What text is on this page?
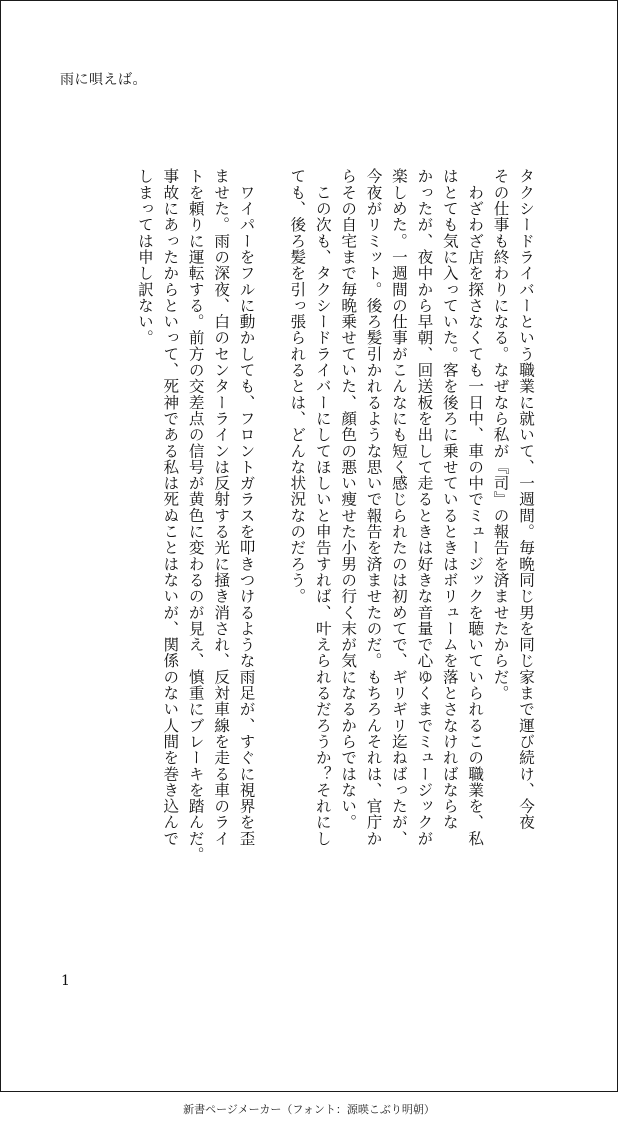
雨に唄えば。

タクシードライバーという職業に就いて、一週間。毎晩同じ男を同じ家まで運び続け、今夜

その仕事も終わりになる。なぜなら私が『司』の報告を済ませたからだ。

　わざわざ店を探さなくても一日中、車の中でミュージックを聴いていられるこの職業を、私

はとても気に入っていた。客を後ろに乗せているときはボリュームを落とさなければならな

かったが、夜中から早朝、回送板を出して走るときは好きな音量で心ゆくまでミュージックが

楽しめた。一週間の仕事がこんなにも短く感じられたのは初めてで、ギリギリ迄ねばったが、

今夜がリミット。後ろ髪引かれるような思いで報告を済ませたのだ。もちろんそれは、官庁か

らその自宅まで毎晩乗せていた、顔色の悪い痩せた小男の行く末が気になるからではない。

　この次も、タクシードライバーにしてほしいと申告すれば、叶えられるだろうか？それにし

ても、後ろ髪を引っ張られるとは、どんな状況なのだろう。

　ワイパーをフルに動かしても、フロントガラスを叩きつけるような雨足が、すぐに視界を歪

ませた。雨の深夜、白のセンターラインは反射する光に掻き消され、反対車線を走る車のライ

トを頼りに運転する。前方の交差点の信号が黄色に変わるのが見え、慎重にブレーキを踏んだ。

事故にあったからといって、死神である私は死ぬことはないが、関係のない人間を巻き込んで

しまっては申し訳ない。

1
新書ページメーカー（フォント：源暎こぶり明朝）
